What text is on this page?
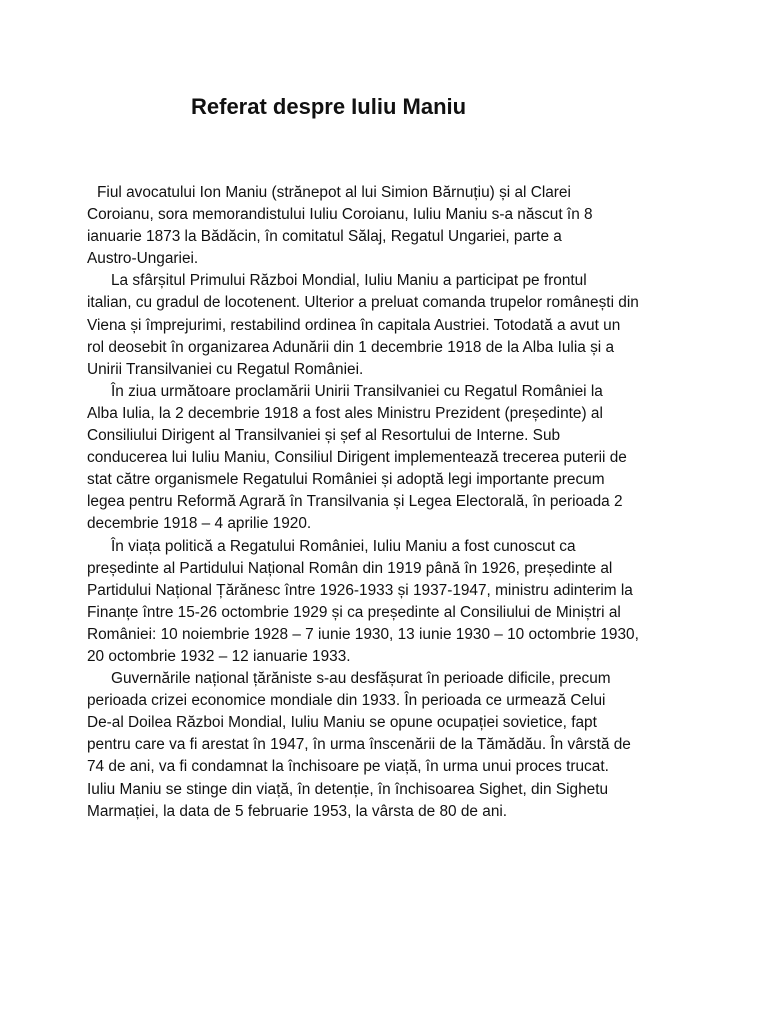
Referat despre Iuliu Maniu

Fiul avocatului Ion Maniu (strănepot al lui Simion Bărnuțiu) și al Clarei
Coroianu, sora memorandistului Iuliu Coroianu, Iuliu Maniu s-a născut în 8
ianuarie 1873 la Bădăcin, în comitatul Sălaj, Regatul Ungariei, parte a
Austro-Ungariei.

La sfârșitul Primului Război Mondial, Iuliu Maniu a participat pe frontul
italian, cu gradul de locotenent. Ulterior a preluat comanda trupelor românești din
Viena și împrejurimi, restabilind ordinea în capitala Austriei. Totodată a avut un
rol deosebit în organizarea Adunării din 1 decembrie 1918 de la Alba Iulia și a
Unirii Transilvaniei cu Regatul României.

În ziua următoare proclamării Unirii Transilvaniei cu Regatul României la
Alba Iulia, la 2 decembrie 1918 a fost ales Ministru Prezident (președinte) al
Consiliului Dirigent al Transilvaniei și șef al Resortului de Interne. Sub
conducerea lui Iuliu Maniu, Consiliul Dirigent implementează trecerea puterii de
stat către organismele Regatului României și adoptă legi importante precum
legea pentru Reformă Agrară în Transilvania și Legea Electorală, în perioada 2
decembrie 1918 – 4 aprilie 1920.

În viața politică a Regatului României, Iuliu Maniu a fost cunoscut ca
președinte al Partidului Național Român din 1919 până în 1926, președinte al
Partidului Național Țărănesc între 1926-1933 și 1937-1947, ministru adinterim la
Finanțe între 15-26 octombrie 1929 și ca președinte al Consiliului de Miniștri al
României: 10 noiembrie 1928 – 7 iunie 1930, 13 iunie 1930 – 10 octombrie 1930,
20 octombrie 1932 – 12 ianuarie 1933.

Guvernările național țărăniste s-au desfășurat în perioade dificile, precum
perioada crizei economice mondiale din 1933. În perioada ce urmează Celui
De-al Doilea Război Mondial, Iuliu Maniu se opune ocupației sovietice, fapt
pentru care va fi arestat în 1947, în urma înscenării de la Tămădău. În vârstă de
74 de ani, va fi condamnat la închisoare pe viață, în urma unui proces trucat.
Iuliu Maniu se stinge din viață, în detenție, în închisoarea Sighet, din Sighetu
Marmației, la data de 5 februarie 1953, la vârsta de 80 de ani.
